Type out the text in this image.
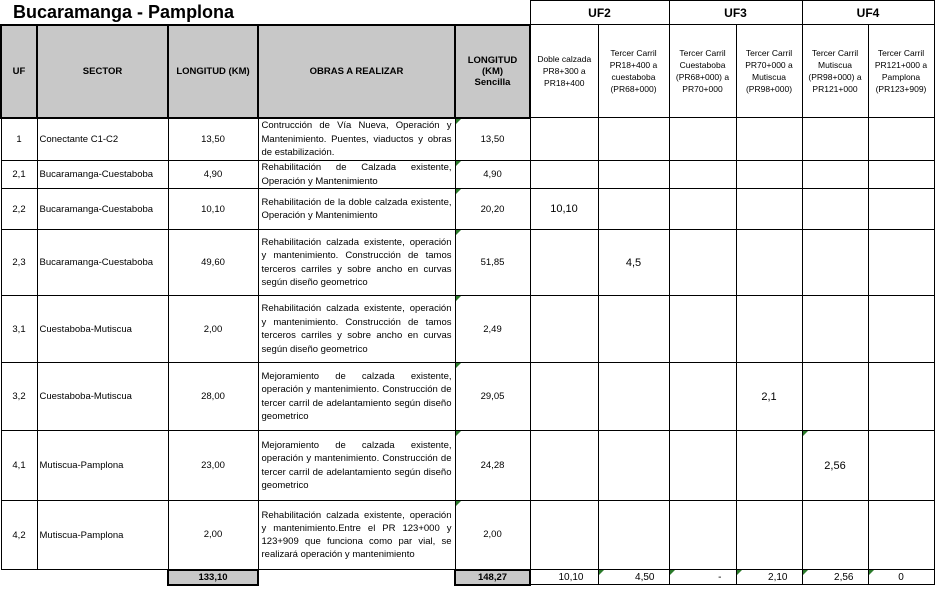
Bucaramanga - Pamplona					UF2		UF3		UF4	
UF	SECTOR	LONGITUD (KM)	OBRAS A REALIZAR	LONGITUD (KM)
Sencilla	Doble calzada PR8+300 a PR18+400	Tercer Carril PR18+400 a cuestaboba (PR68+000)	Tercer Carril Cuestaboba (PR68+000) a PR70+000	Tercer Carril PR70+000 a Mutiscua (PR98+000)	Tercer Carril Mutiscua (PR98+000) a PR121+000	Tercer Carril PR121+000 a Pamplona (PR123+909)
1	Conectante C1-C2	13,50	Contrucción de Vía Nueva, Operación y Mantenimiento. Puentes, viaductos y obras de estabilización.	13,50						
2,1	Bucaramanga-Cuestaboba	4,90	Rehabilitación de Calzada existente, Operación y Mantenimiento	4,90						
2,2	Bucaramanga-Cuestaboba	10,10	Rehabilitación de la doble calzada existente, Operación y Mantenimiento	20,20	10,10					
2,3	Bucaramanga-Cuestaboba	49,60	Rehabilitación calzada existente, operación y mantenimiento. Construcción de tamos terceros carriles y sobre ancho en curvas según diseño geometrico	51,85		4,5				
3,1	Cuestaboba-Mutiscua	2,00	Rehabilitación calzada existente, operación y mantenimiento. Construcción de tamos terceros carriles y sobre ancho en curvas según diseño geometrico	2,49						
3,2	Cuestaboba-Mutiscua	28,00	Mejoramiento de calzada existente, operación y mantenimiento. Construcción de tercer carril de adelantamiento según diseño geometrico	29,05				2,1		
4,1	Mutiscua-Pamplona	23,00	Mejoramiento de calzada existente, operación y mantenimiento. Construcción de tercer carril de adelantamiento según diseño geometrico	24,28					2,56	
4,2	Mutiscua-Pamplona	2,00	Rehabilitación calzada existente, operación y mantenimiento.Entre el PR 123+000 y 123+909 que funciona como par vial, se realizará operación y mantenimiento	2,00						
		133,10		148,27	10,10	4,50	-	2,10	2,56	0
